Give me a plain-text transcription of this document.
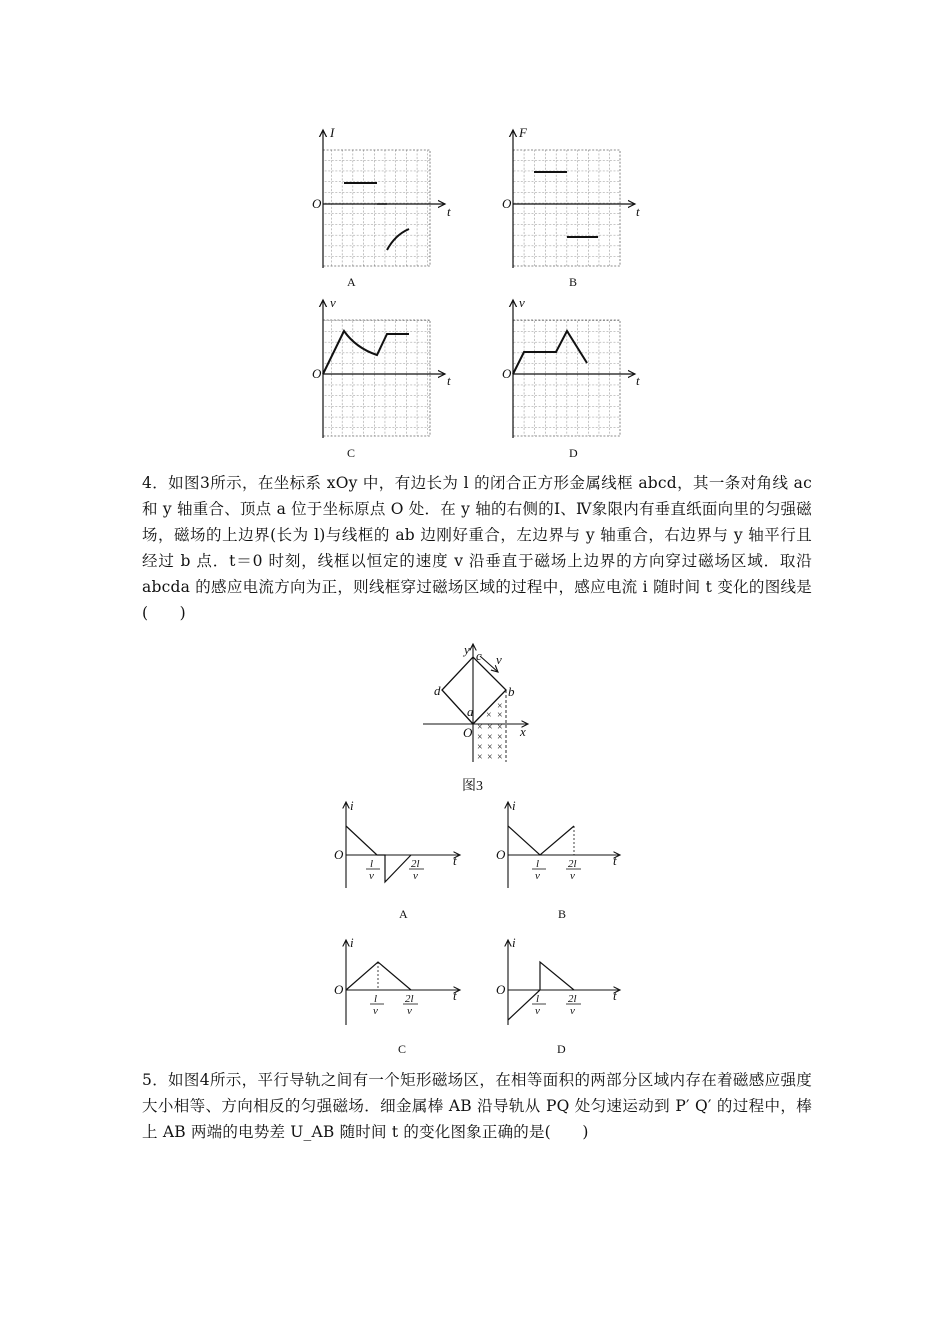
I
O
t
A
F
O
t
B
v
O	t
C
v
O	t
D

4．如图3所示，在坐标系 xOy 中，有边长为 l 的闭合正方形金属线框 abcd，其一条对角线 ac 和 y 轴重合、顶点 a 位于坐标原点 O 处．在 y 轴的右侧的Ⅰ、Ⅳ象限内有垂直纸面向里的匀强磁场，磁场的上边界(长为 l)与线框的 ab 边刚好重合，左边界与 y 轴重合，右边界与 y 轴平行且经过 b 点．t＝0 时刻，线框以恒定的速度 v 沿垂直于磁场上边界的方向穿过磁场区域．取沿 abcda 的感应电流方向为正，则线框穿过磁场区域的过程中，感应电流 i 随时间 t 变化的图线是(　　)

×
× ×
× × ×
× × ×
× × ×
× × ×
y
x
O
a
b
c
d
v
图3
i
O	t
l
v
2l
v
A
i
O	t
l
v
2l
v
B
i
O	t
l
v
2l
v
C
i
O	t
l
v
2l
v
D

5．如图4所示，平行导轨之间有一个矩形磁场区，在相等面积的两部分区域内存在着磁感应强度大小相等、方向相反的匀强磁场．细金属棒 AB 沿导轨从 PQ 处匀速运动到 P′ Q′ 的过程中，棒上 AB 两端的电势差 U_AB 随时间 t 的变化图象正确的是(　　)
